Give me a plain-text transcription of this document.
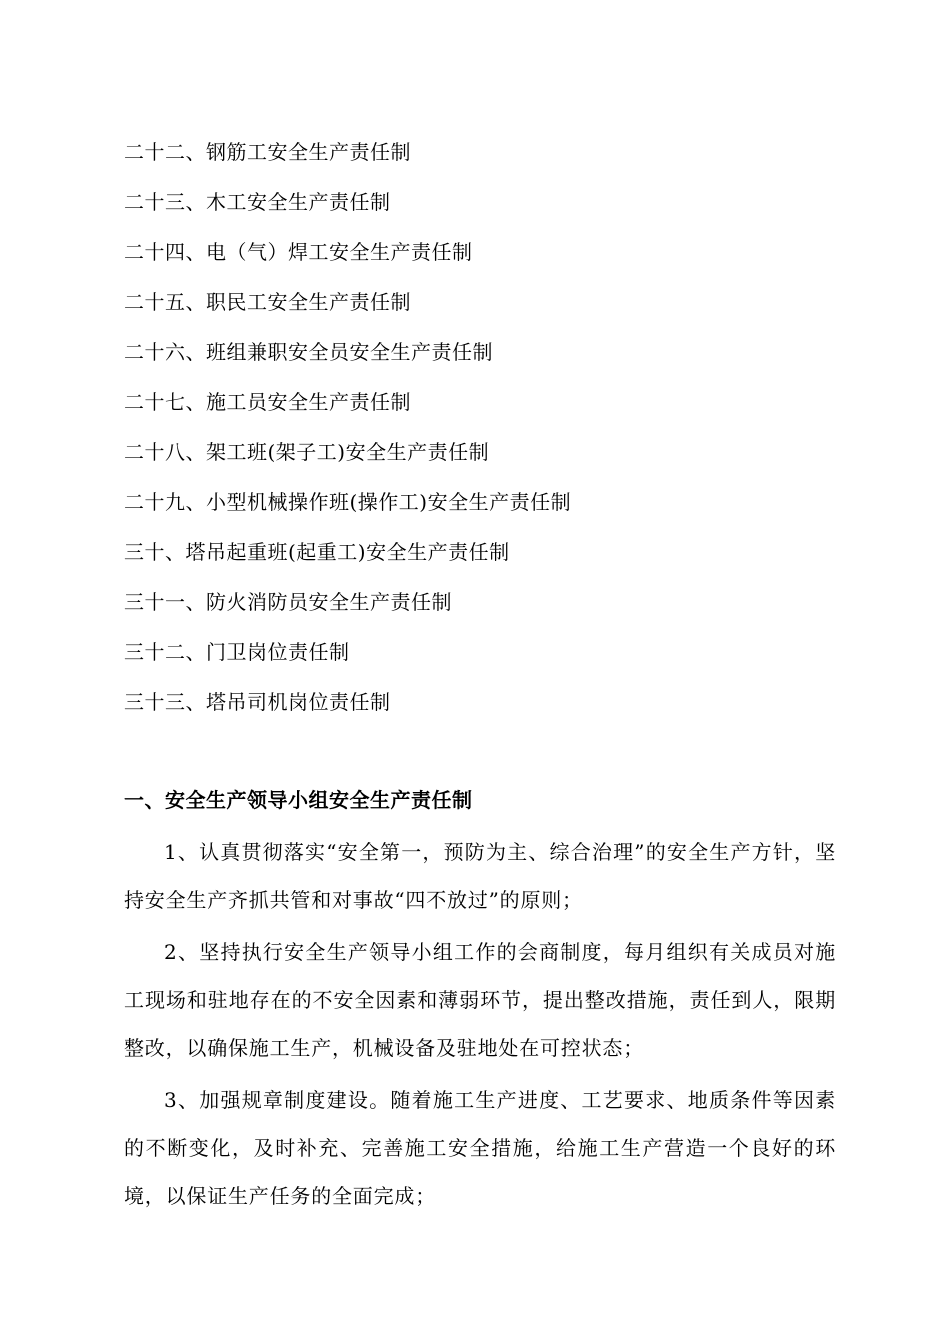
二十二、钢筋工安全生产责任制
二十三、木工安全生产责任制
二十四、电（气）焊工安全生产责任制
二十五、职民工安全生产责任制
二十六、班组兼职安全员安全生产责任制
二十七、施工员安全生产责任制
二十八、架工班(架子工)安全生产责任制
二十九、小型机械操作班(操作工)安全生产责任制
三十、塔吊起重班(起重工)安全生产责任制
三十一、防火消防员安全生产责任制
三十二、门卫岗位责任制
三十三、塔吊司机岗位责任制
一、安全生产领导小组安全生产责任制

1、认真贯彻落实“安全第一，预防为主、综合治理”的安全生产方针，坚持安全生产齐抓共管和对事故“四不放过”的原则；

2、坚持执行安全生产领导小组工作的会商制度，每月组织有关成员对施工现场和驻地存在的不安全因素和薄弱环节，提出整改措施，责任到人，限期整改，以确保施工生产，机械设备及驻地处在可控状态；

3、加强规章制度建设。随着施工生产进度、工艺要求、地质条件等因素的不断变化，及时补充、完善施工安全措施，给施工生产营造一个良好的环境，以保证生产任务的全面完成；
